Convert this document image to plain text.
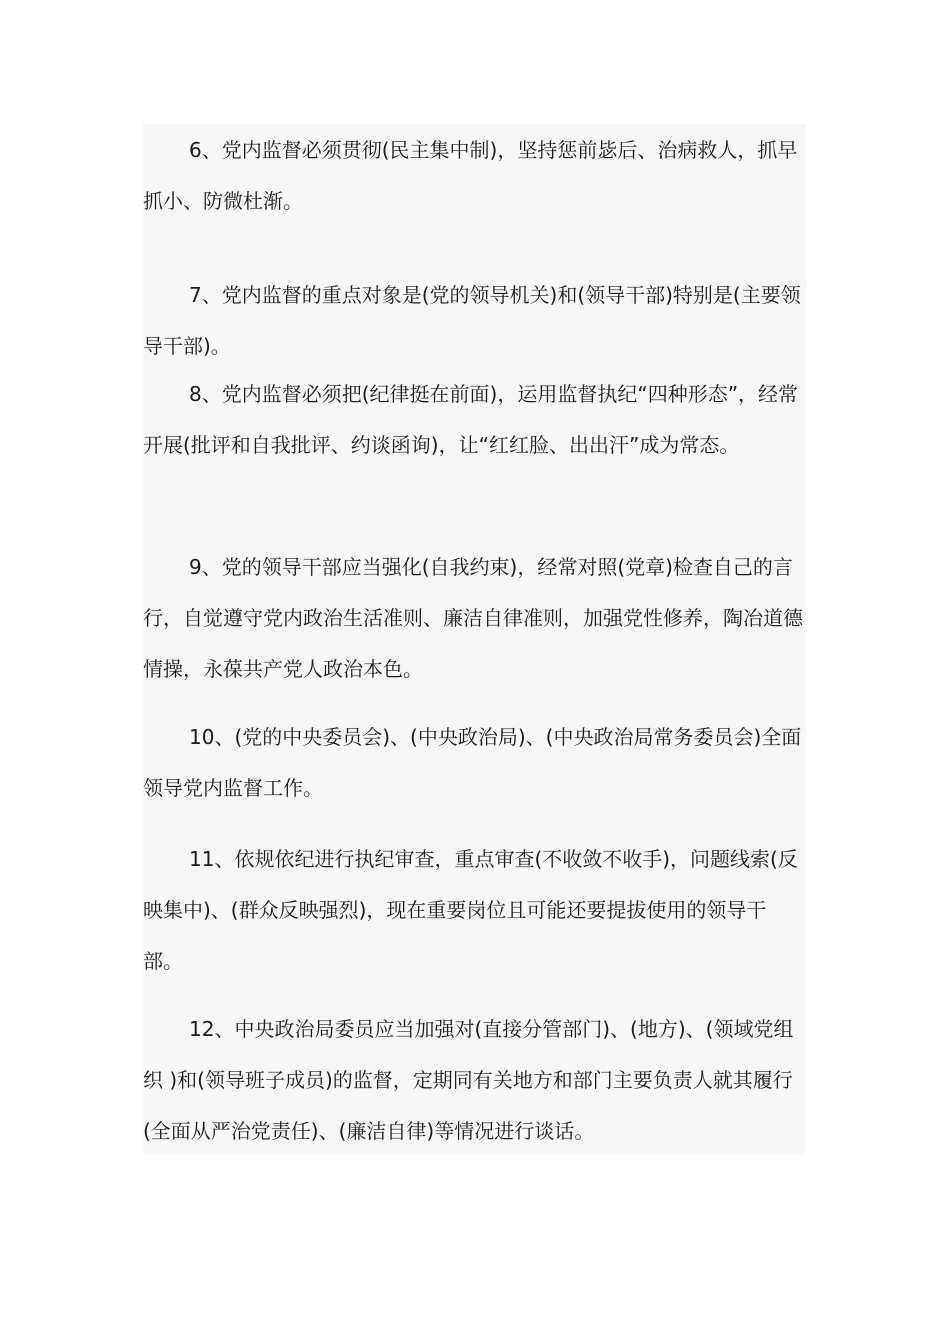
6、党内监督必须贯彻(民主集中制)，坚持惩前毖后、治病救人，抓早抓小、防微杜渐。

7、党内监督的重点对象是(党的领导机关)和(领导干部)特别是(主要领导干部)。

8、党内监督必须把(纪律挺在前面)，运用监督执纪“四种形态”，经常开展(批评和自我批评、约谈函询)，让“红红脸、出出汗”成为常态。

9、党的领导干部应当强化(自我约束)，经常对照(党章)检查自己的言行，自觉遵守党内政治生活准则、廉洁自律准则，加强党性修养，陶冶道德情操，永葆共产党人政治本色。

10、(党的中央委员会)、(中央政治局)、(中央政治局常务委员会)全面领导党内监督工作。

11、依规依纪进行执纪审查，重点审查(不收敛不收手)，问题线索(反映集中)、(群众反映强烈)，现在重要岗位且可能还要提拔使用的领导干部。

12、中央政治局委员应当加强对(直接分管部门)、(地方)、(领域党组织 )和(领导班子成员)的监督，定期同有关地方和部门主要负责人就其履行(全面从严治党责任)、(廉洁自律)等情况进行谈话。
